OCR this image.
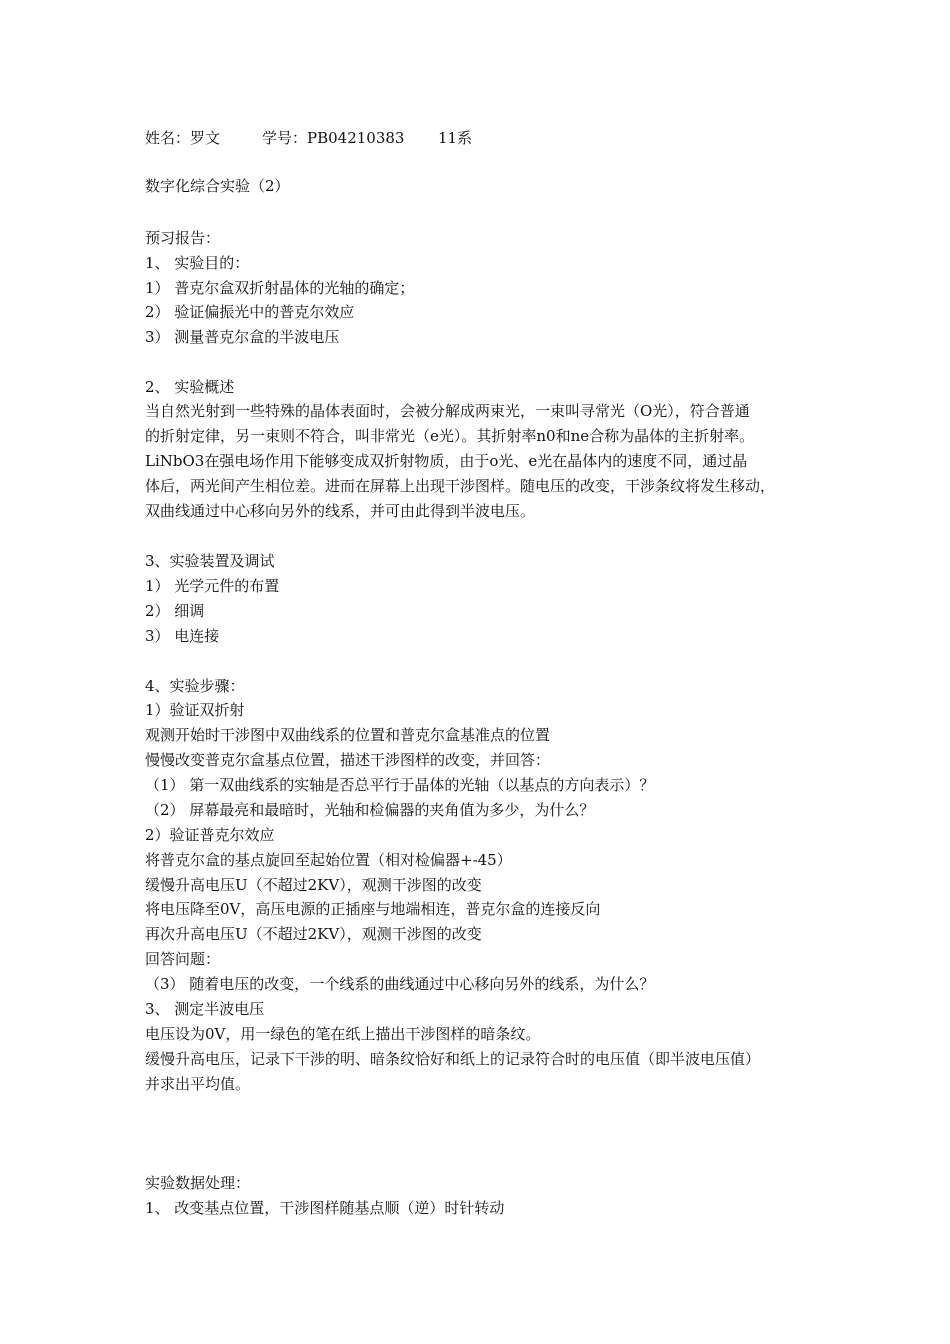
姓名：罗文	学号：PB04210383 11系
数字化综合实验（2）
预习报告：
1、 实验目的：
1） 普克尔盒双折射晶体的光轴的确定；
2） 验证偏振光中的普克尔效应
3） 测量普克尔盒的半波电压
2、 实验概述
当自然光射到一些特殊的晶体表面时，会被分解成两束光，一束叫寻常光（O光），符合普通
的折射定律，另一束则不符合，叫非常光（e光）。其折射率n0和ne合称为晶体的主折射率。
LiNbO3在强电场作用下能够变成双折射物质，由于o光、e光在晶体内的速度不同，通过晶
体后，两光间产生相位差。进而在屏幕上出现干涉图样。随电压的改变，干涉条纹将发生移动，
双曲线通过中心移向另外的线系，并可由此得到半波电压。
3、实验装置及调试
1） 光学元件的布置
2） 细调
3） 电连接
4、实验步骤：
1）验证双折射
观测开始时干涉图中双曲线系的位置和普克尔盒基准点的位置
慢慢改变普克尔盒基点位置，描述干涉图样的改变，并回答：
（1） 第一双曲线系的实轴是否总平行于晶体的光轴（以基点的方向表示）？
（2） 屏幕最亮和最暗时，光轴和检偏器的夹角值为多少，为什么？
2）验证普克尔效应
将普克尔盒的基点旋回至起始位置（相对检偏器+-45）
缓慢升高电压U（不超过2KV），观测干涉图的改变
将电压降至0V，高压电源的正插座与地端相连，普克尔盒的连接反向
再次升高电压U（不超过2KV），观测干涉图的改变
回答问题：
（3） 随着电压的改变，一个线系的曲线通过中心移向另外的线系，为什么？
3、 测定半波电压
电压设为0V，用一绿色的笔在纸上描出干涉图样的暗条纹。
缓慢升高电压，记录下干涉的明、暗条纹恰好和纸上的记录符合时的电压值（即半波电压值）
并求出平均值。
实验数据处理：
1、 改变基点位置，干涉图样随基点顺（逆）时针转动
